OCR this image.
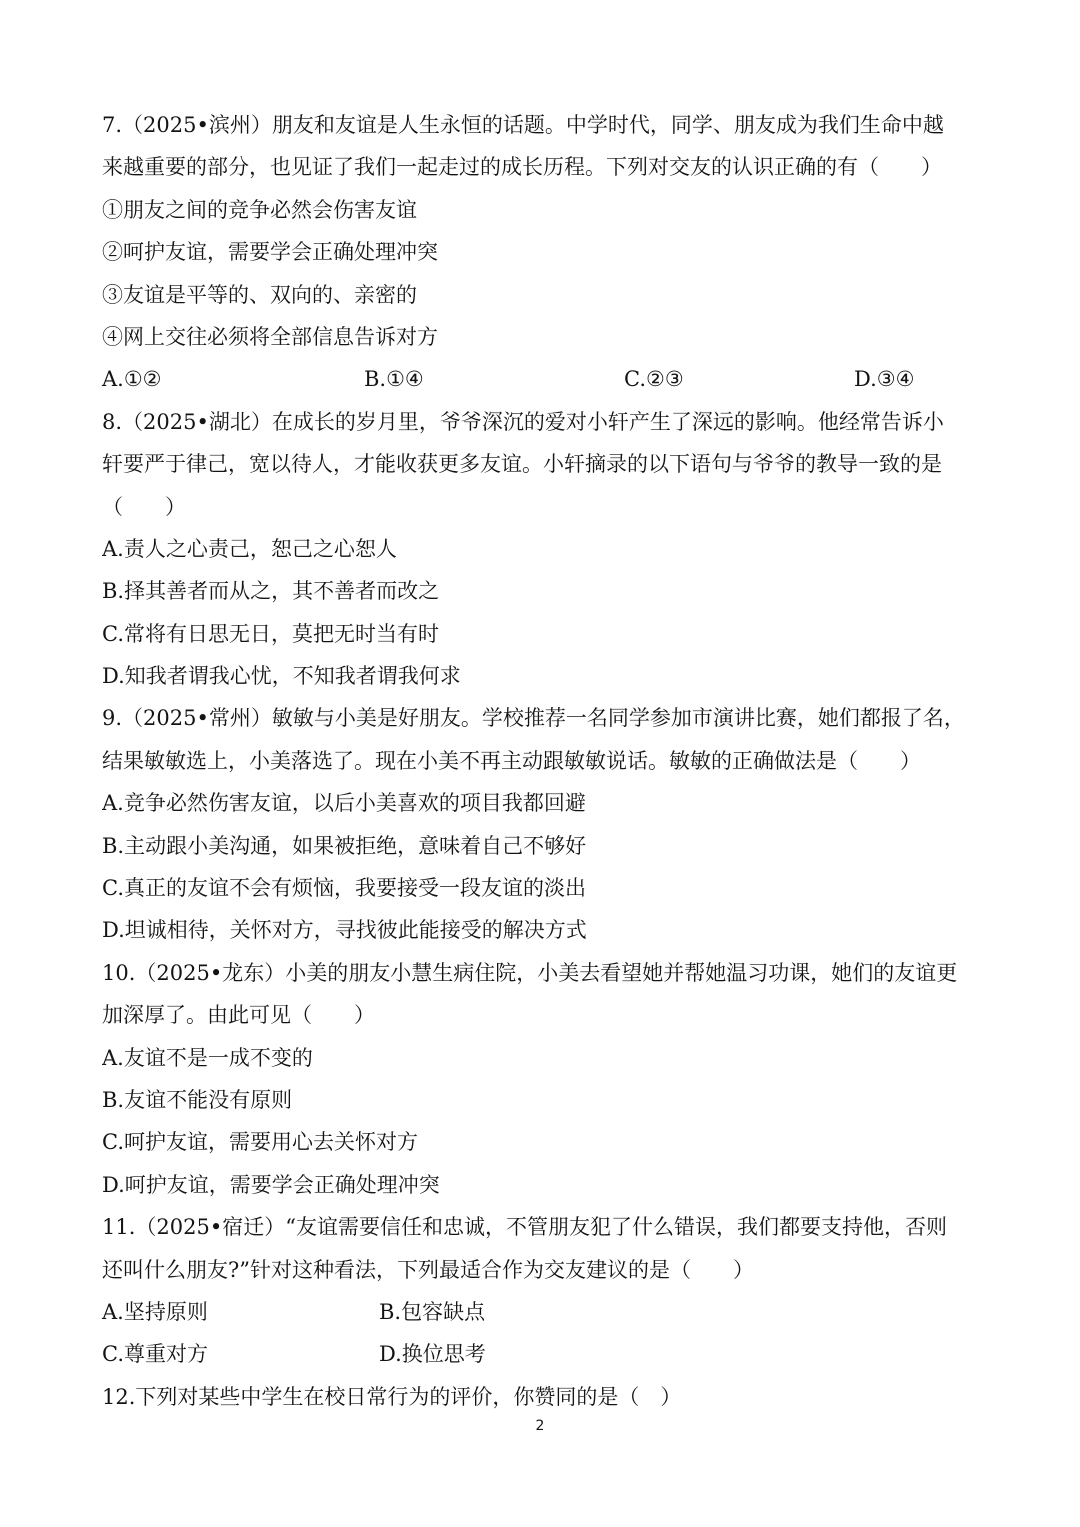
7.（2025•滨州）朋友和友谊是人生永恒的话题。中学时代，同学、朋友成为我们生命中越
来越重要的部分，也见证了我们一起走过的成长历程。下列对交友的认识正确的有（　　）
①朋友之间的竞争必然会伤害友谊
②呵护友谊，需要学会正确处理冲突
③友谊是平等的、双向的、亲密的
④网上交往必须将全部信息告诉对方
A.①②	B.①④	C.②③	D.③④
8.（2025•湖北）在成长的岁月里，爷爷深沉的爱对小轩产生了深远的影响。他经常告诉小
轩要严于律己，宽以待人，才能收获更多友谊。小轩摘录的以下语句与爷爷的教导一致的是
（　　）
A.责人之心责己，恕己之心恕人
B.择其善者而从之，其不善者而改之
C.常将有日思无日，莫把无时当有时
D.知我者谓我心忧，不知我者谓我何求
9.（2025•常州）敏敏与小美是好朋友。学校推荐一名同学参加市演讲比赛，她们都报了名，
结果敏敏选上，小美落选了。现在小美不再主动跟敏敏说话。敏敏的正确做法是（　　）
A.竞争必然伤害友谊，以后小美喜欢的项目我都回避
B.主动跟小美沟通，如果被拒绝，意味着自己不够好
C.真正的友谊不会有烦恼，我要接受一段友谊的淡出
D.坦诚相待，关怀对方，寻找彼此能接受的解决方式
10.（2025•龙东）小美的朋友小慧生病住院，小美去看望她并帮她温习功课，她们的友谊更
加深厚了。由此可见（　　）
A.友谊不是一成不变的
B.友谊不能没有原则
C.呵护友谊，需要用心去关怀对方
D.呵护友谊，需要学会正确处理冲突
11.（2025•宿迁）“友谊需要信任和忠诚，不管朋友犯了什么错误，我们都要支持他，否则
还叫什么朋友?”针对这种看法，下列最适合作为交友建议的是（　　）
A.坚持原则	B.包容缺点
C.尊重对方	D.换位思考
12.下列对某些中学生在校日常行为的评价，你赞同的是（　）
2
